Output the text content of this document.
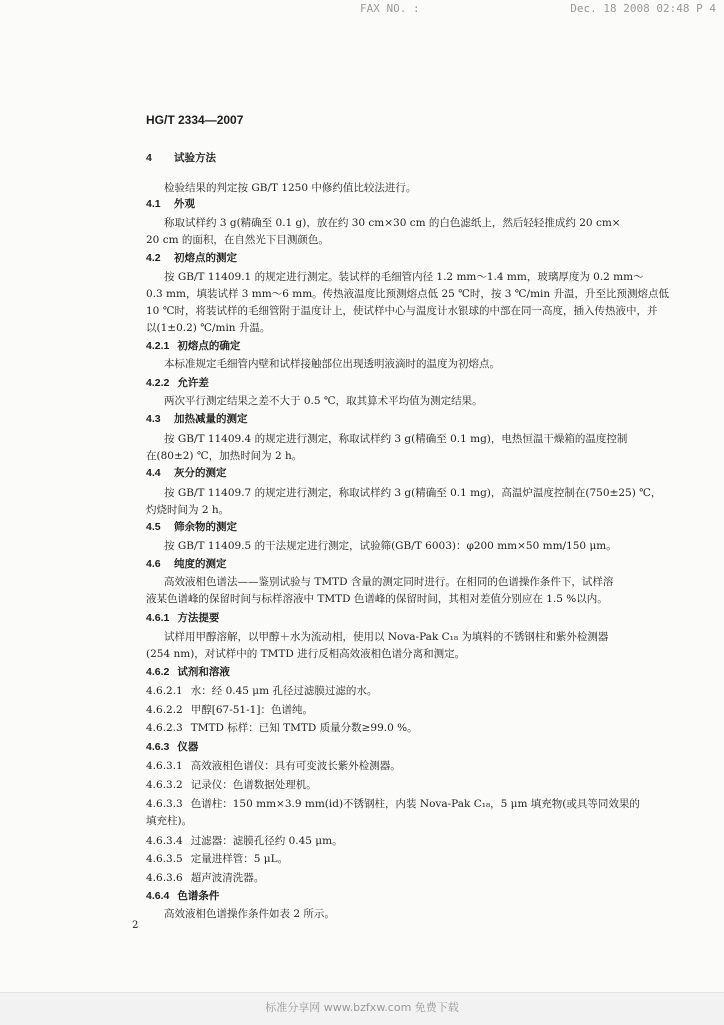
FAX NO. :	Dec. 18 2008 02:48 P 4
HG/T 2334—2007
4 试验方法
检验结果的判定按 GB/T 1250 中修约值比较法进行。
4.1 外观
称取试样约 3 g(精确至 0.1 g)，放在约 30 cm×30 cm 的白色滤纸上，然后轻轻推成约 20 cm×
20 cm 的面积，在自然光下目测颜色。
4.2 初熔点的测定
按 GB/T 11409.1 的规定进行测定。装试样的毛细管内径 1.2 mm～1.4 mm，玻璃厚度为 0.2 mm～
0.3 mm，填装试样 3 mm～6 mm。传热液温度比预测熔点低 25 ℃时，按 3 ℃/min 升温，升至比预测熔点低
10 ℃时，将装试样的毛细管附于温度计上，使试样中心与温度计水银球的中部在同一高度，插入传热液中，并
以(1±0.2) ℃/min 升温。
4.2.1 初熔点的确定
本标准规定毛细管内壁和试样接触部位出现透明液滴时的温度为初熔点。
4.2.2 允许差
两次平行测定结果之差不大于 0.5 ℃，取其算术平均值为测定结果。
4.3 加热减量的测定
按 GB/T 11409.4 的规定进行测定，称取试样约 3 g(精确至 0.1 mg)，电热恒温干燥箱的温度控制
在(80±2) ℃，加热时间为 2 h。
4.4 灰分的测定
按 GB/T 11409.7 的规定进行测定，称取试样约 3 g(精确至 0.1 mg)，高温炉温度控制在(750±25) ℃，
灼烧时间为 2 h。
4.5 筛余物的测定
按 GB/T 11409.5 的干法规定进行测定，试验筛(GB/T 6003)：φ200 mm×50 mm/150 μm。
4.6 纯度的测定
高效液相色谱法——鉴别试验与 TMTD 含量的测定同时进行。在相同的色谱操作条件下，试样溶
液某色谱峰的保留时间与标样溶液中 TMTD 色谱峰的保留时间，其相对差值分别应在 1.5 %以内。
4.6.1 方法提要
试样用甲醇溶解，以甲醇＋水为流动相，使用以 Nova-Pak C₁₈ 为填料的不锈钢柱和紫外检测器
(254 nm)，对试样中的 TMTD 进行反相高效液相色谱分离和测定。
4.6.2 试剂和溶液
4.6.2.1 水：经 0.45 μm 孔径过滤膜过滤的水。
4.6.2.2 甲醇[67-51-1]：色谱纯。
4.6.2.3 TMTD 标样：已知 TMTD 质量分数≥99.0 %。
4.6.3 仪器
4.6.3.1 高效液相色谱仪：具有可变波长紫外检测器。
4.6.3.2 记录仪：色谱数据处理机。
4.6.3.3 色谱柱：150 mm×3.9 mm(id)不锈钢柱，内装 Nova-Pak C₁₈，5 μm 填充物(或具等同效果的
填充柱)。
4.6.3.4 过滤器：滤膜孔径约 0.45 μm。
4.6.3.5 定量进样管：5 μL。
4.6.3.6 超声波清洗器。
4.6.4 色谱条件
高效液相色谱操作条件如表 2 所示。
2
标准分享网 www.bzfxw.com 免费下载
